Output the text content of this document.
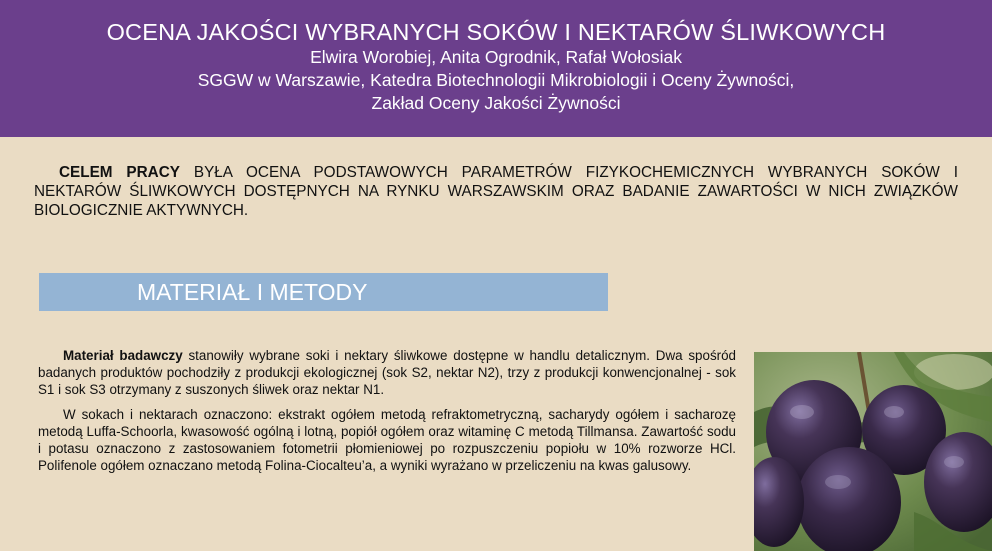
OCENA JAKOŚCI WYBRANYCH SOKÓW I NEKTARÓW ŚLIWKOWYCH
Elwira Worobiej, Anita Ogrodnik, Rafał Wołosiak
SGGW w Warszawie, Katedra Biotechnologii Mikrobiologii i Oceny Żywności,
Zakład Oceny Jakości Żywności
CELEM PRACY BYŁA OCENA PODSTAWOWYCH PARAMETRÓW FIZYKOCHEMICZNYCH WYBRANYCH SOKÓW I NEKTARÓW ŚLIWKOWYCH DOSTĘPNYCH NA RYNKU WARSZAWSKIM ORAZ BADANIE ZAWARTOŚCI W NICH ZWIĄZKÓW BIOLOGICZNIE AKTYWNYCH.
MATERIAŁ I METODY

Materiał badawczy stanowiły wybrane soki i nektary śliwkowe dostępne w handlu detalicznym. Dwa spośród badanych produktów pochodziły z produkcji ekologicznej (sok S2, nektar N2), trzy z produkcji konwencjonalnej - sok S1 i sok S3 otrzymany z suszonych śliwek oraz nektar N1.

W sokach i nektarach oznaczono: ekstrakt ogółem metodą refraktometryczną, sacharydy ogółem i sacharozę metodą Luffa-Schoorla, kwasowość ogólną i lotną, popiół ogółem oraz witaminę C metodą Tillmansa. Zawartość sodu i potasu oznaczono z zastosowaniem fotometrii płomieniowej po rozpuszczeniu popiołu w 10% rozworze HCl. Polifenole ogółem oznaczano metodą Folina-Ciocalteu’a, a wyniki wyrażano w przeliczeniu na kwas galusowy.
